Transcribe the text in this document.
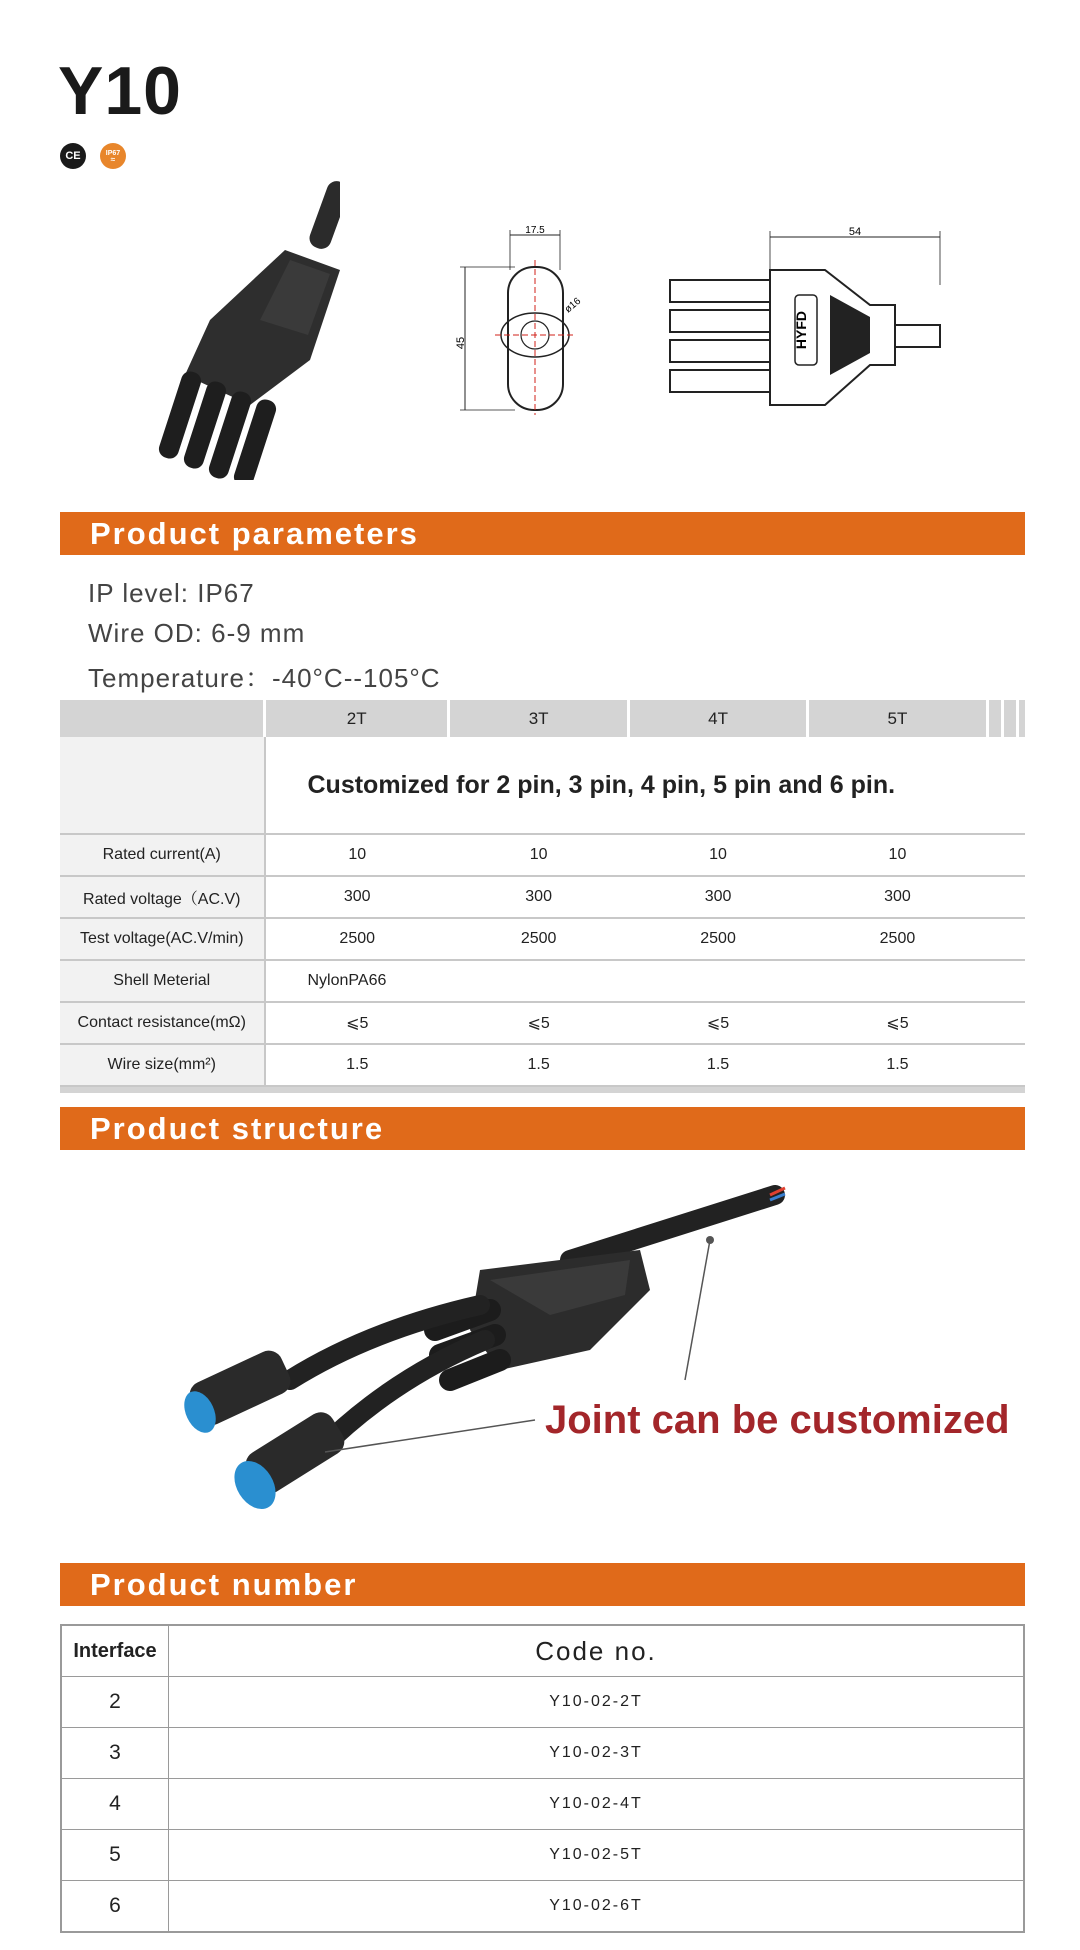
Y10
CE	IP67
≈
17.5
45
ø16
54
HYFD
Product parameters
IP level: IP67
Wire OD: 6-9 mm
Temperature：-40°C--105°C
	2T	3T	4T	5T			
	Customized for 2 pin, 3 pin, 4 pin, 5 pin and 6 pin.						
Rated current(A)	10	10	10	10			
Rated voltage（AC.V)	300	300	300	300			
Test voltage(AC.V/min)	2500	2500	2500	2500			
Shell Meterial	NylonPA66						
Contact resistance(mΩ)	⩽5	⩽5	⩽5	⩽5			
Wire size(mm²)	1.5	1.5	1.5	1.5			

Product structure
Joint can be customized
Product number
Interface	Code no.
2	Y10-02-2T
3	Y10-02-3T
4	Y10-02-4T
5	Y10-02-5T
6	Y10-02-6T
